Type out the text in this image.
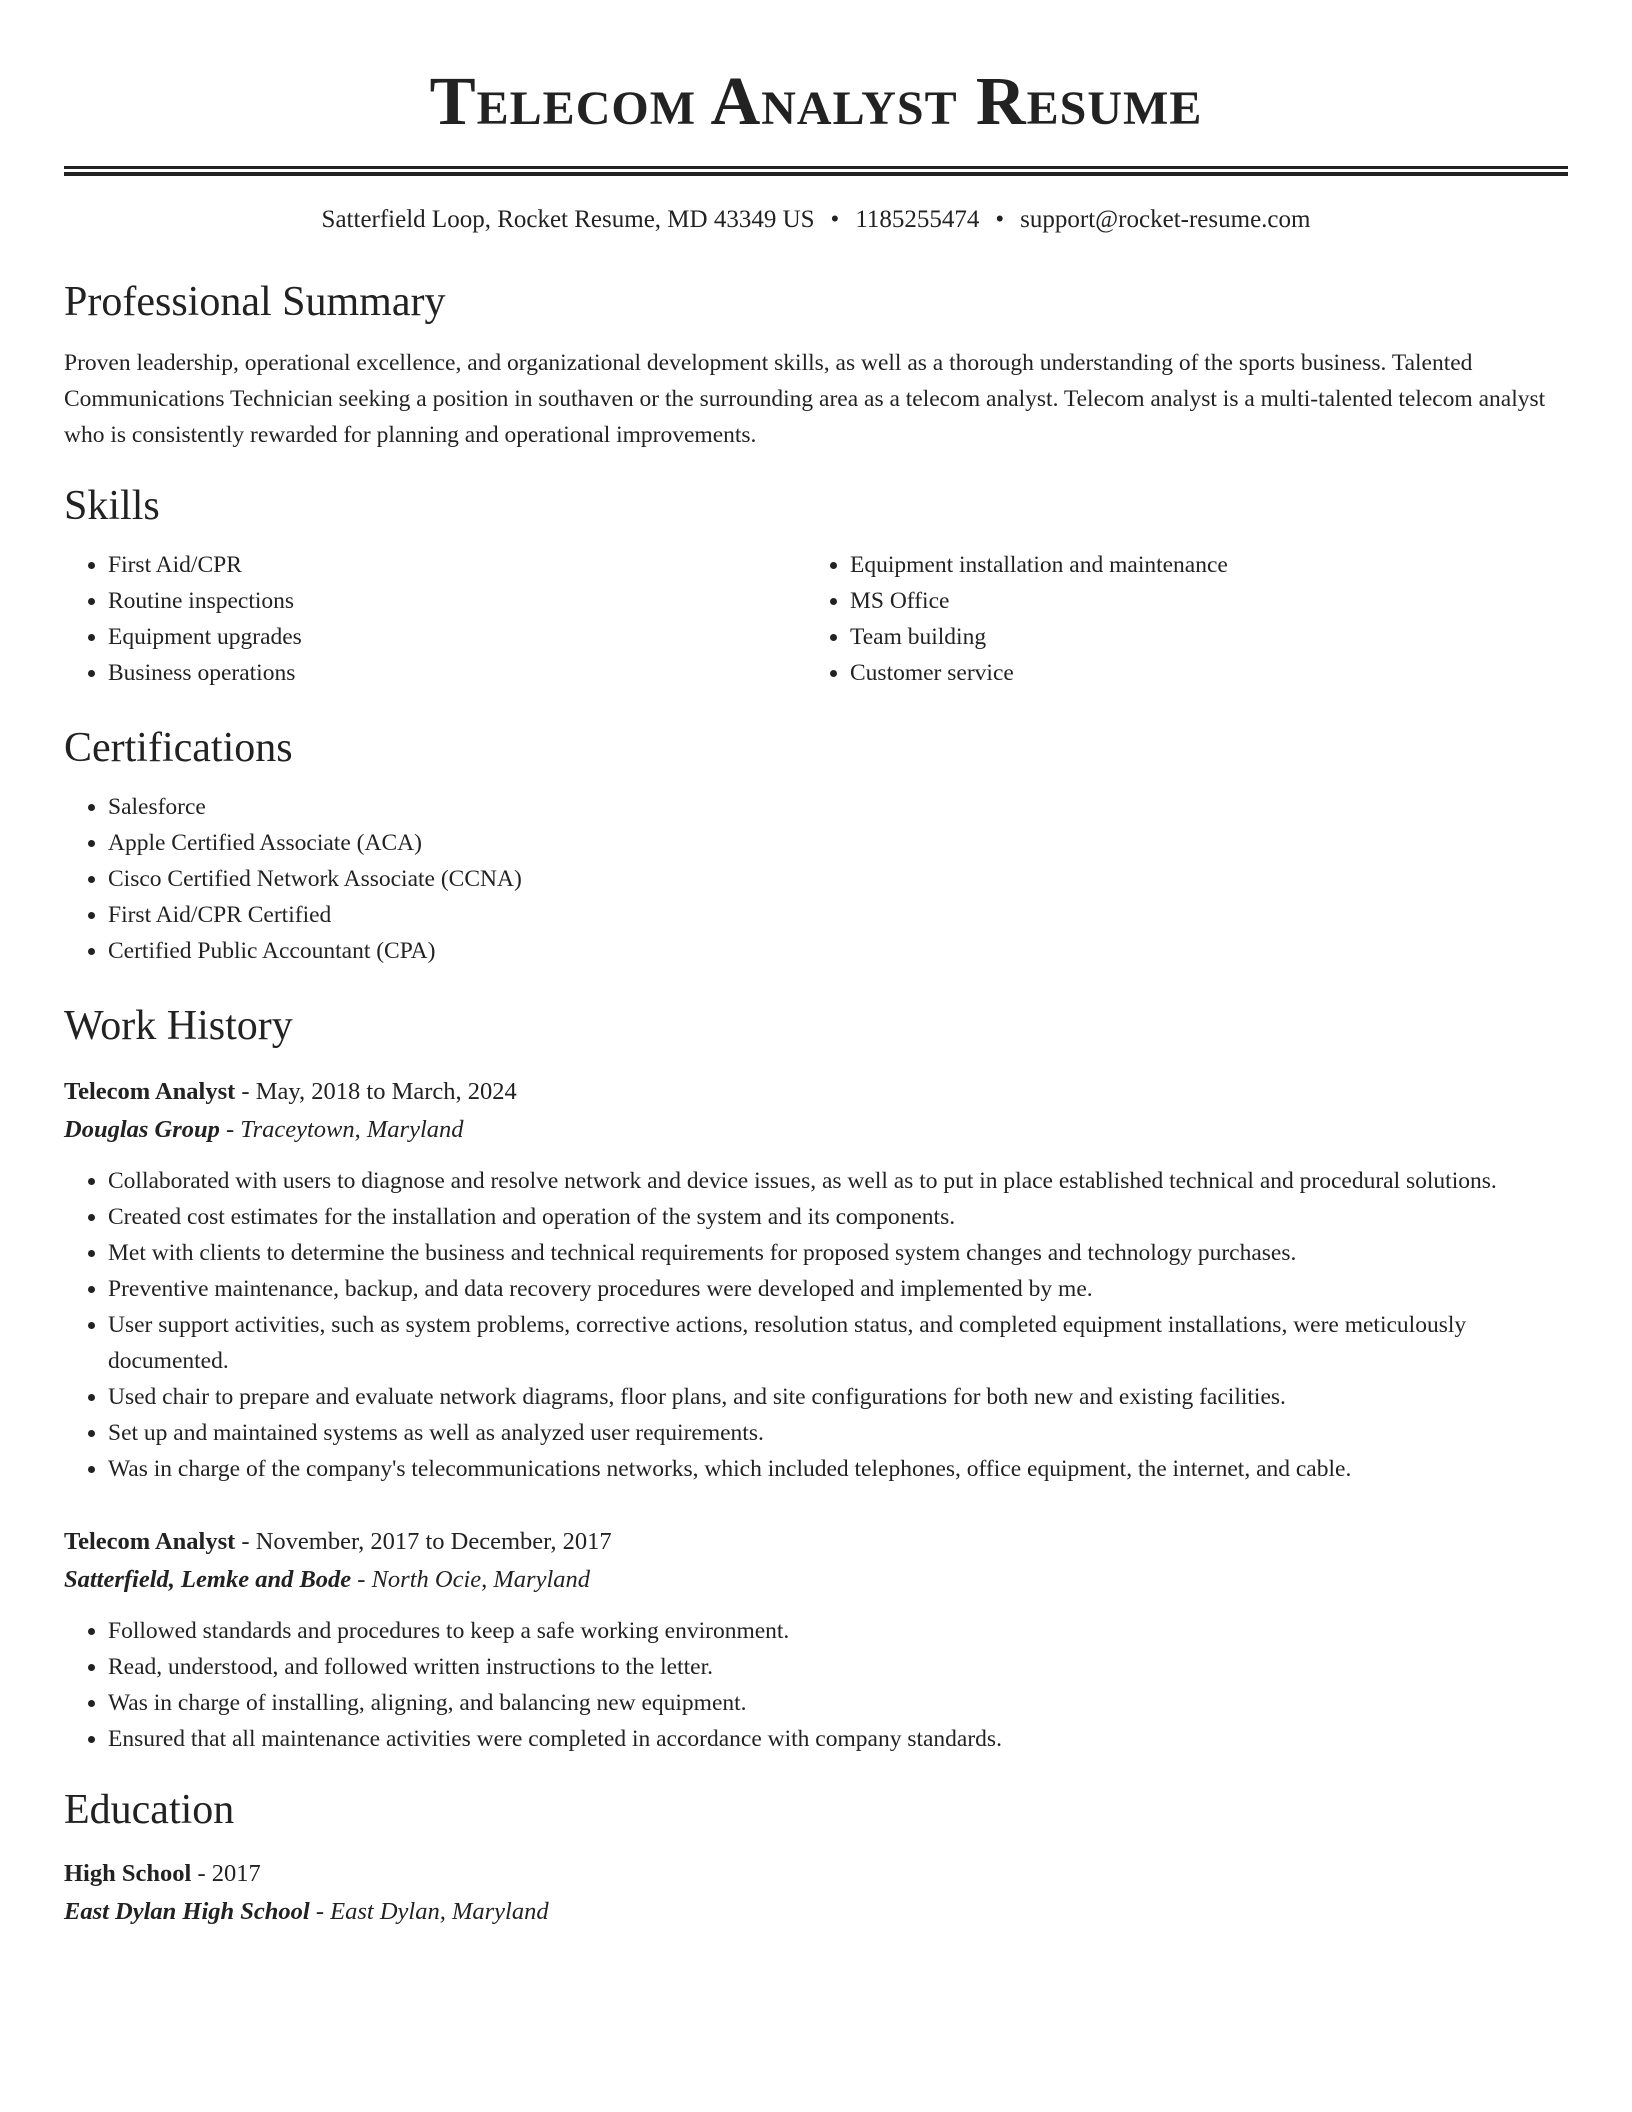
Telecom Analyst Resume
Satterfield Loop, Rocket Resume, MD 43349 US • 1185255474 • support@rocket-resume.com
Professional Summary

Proven leadership, operational excellence, and organizational development skills, as well as a thorough understanding of the sports business. Talented Communications Technician seeking a position in southaven or the surrounding area as a telecom analyst. Telecom analyst is a multi-talented telecom analyst who is consistently rewarded for planning and operational improvements.

Skills
• First Aid/CPR
• Routine inspections
• Equipment upgrades
• Business operations
• Equipment installation and maintenance
• MS Office
• Team building
• Customer service
Certifications
• Salesforce
• Apple Certified Associate (ACA)
• Cisco Certified Network Associate (CCNA)
• First Aid/CPR Certified
• Certified Public Accountant (CPA)
Work History
Telecom Analyst - May, 2018 to March, 2024
Douglas Group - Traceytown, Maryland
• Collaborated with users to diagnose and resolve network and device issues, as well as to put in place established technical and procedural solutions.
• Created cost estimates for the installation and operation of the system and its components.
• Met with clients to determine the business and technical requirements for proposed system changes and technology purchases.
• Preventive maintenance, backup, and data recovery procedures were developed and implemented by me.
• User support activities, such as system problems, corrective actions, resolution status, and completed equipment installations, were meticulously documented.
• Used chair to prepare and evaluate network diagrams, floor plans, and site configurations for both new and existing facilities.
• Set up and maintained systems as well as analyzed user requirements.
• Was in charge of the company's telecommunications networks, which included telephones, office equipment, the internet, and cable.
Telecom Analyst - November, 2017 to December, 2017
Satterfield, Lemke and Bode - North Ocie, Maryland
• Followed standards and procedures to keep a safe working environment.
• Read, understood, and followed written instructions to the letter.
• Was in charge of installing, aligning, and balancing new equipment.
• Ensured that all maintenance activities were completed in accordance with company standards.
Education
High School - 2017
East Dylan High School - East Dylan, Maryland
